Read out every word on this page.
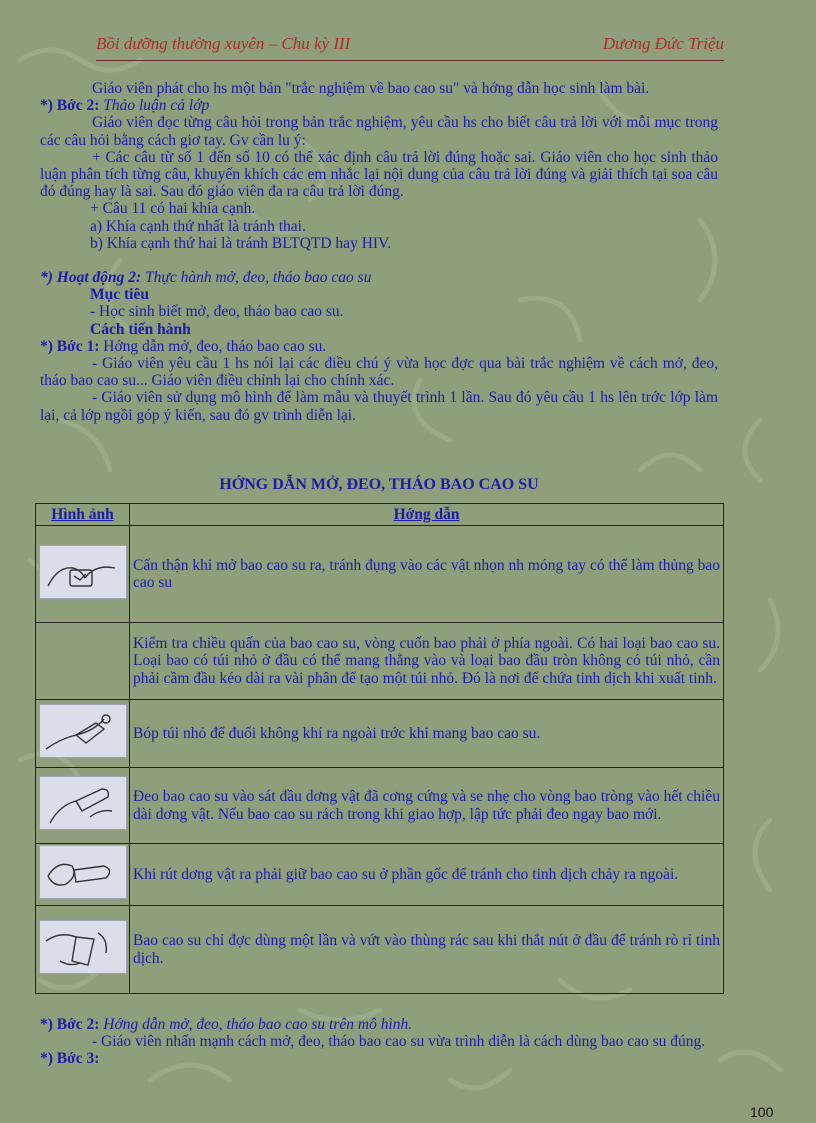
Bồi dưỡng thường xuyên – Chu kỳ III	Dương Đức Triệu

Giáo viên phát cho hs một bản "trắc nghiệm về bao cao su" và hớng dẫn học sinh làm bài.

*) Bớc 2: Thảo luận cả lớp

Giáo viên đọc từng câu hỏi trong bản trắc nghiệm, yêu cầu hs cho biết câu trả lời với mỗi mục trong các câu hỏi bằng cách giơ tay. Gv cần lu ý:

+ Các câu từ số 1 đến số 10 có thể xác định câu trả lời đúng hoặc sai. Giáo viên cho học sinh thảo luận phân tích từng câu, khuyến khích các em nhắc lại nội dung của câu trả lời đúng và giải thích tại soa câu đó đúng hay là sai. Sau đó giáo viên đa ra câu trả lời đúng.

+ Câu 11 có hai khía cạnh.

a) Khía cạnh thứ nhất là tránh thai.

b) Khía cạnh thứ hai là tránh BLTQTD hay HIV.

*) Hoạt động 2: Thực hành mở, đeo, tháo bao cao su

Mục tiêu

- Học sinh biết mở, đeo, tháo bao cao su.

Cách tiến hành

*) Bớc 1: Hớng dẫn mở, đeo, tháo bao cao su.

- Giáo viên yêu cầu 1 hs nói lại các điều chú ý vừa học đợc qua bài trắc nghiệm về cách mở, đeo, tháo bao cao su... Giáo viên điều chỉnh lại cho chính xác.

- Giáo viên sử dụng mô hình để làm mẫu và thuyết trình 1 lần. Sau đó yêu cầu 1 hs lên trớc lớp làm lại, cả lớp ngồi góp ý kiến, sau đó gv trình diễn lại.

HỚNG DẪN MỞ, ĐEO, THÁO BAO CAO SU
Hình ảnh	Hớng dẫn

	Cẩn thận khi mở bao cao su ra, tránh đụng vào các vật nhọn nh móng tay có thể làm thủng bao cao su
	Kiểm tra chiều quấn của bao cao su, vòng cuốn bao phải ở phía ngoài. Có hai loại bao cao su. Loại bao có túi nhỏ ở đầu có thể mang thẳng vào và loại bao đầu tròn không có túi nhỏ, cần phải cầm đầu kéo dài ra vài phân để tạo một túi nhỏ. Đó là nơi để chứa tinh dịch khi xuất tinh.

	Bóp túi nhỏ để đuổi không khí ra ngoài trớc khi mang bao cao su.

	Đeo bao cao su vào sát đầu dơng vật đã cơng cứng và se nhẹ cho vòng bao tròng vào hết chiều dài dơng vật. Nếu bao cao su rách trong khi giao hợp, lập tức phải đeo ngay bao mới.

	Khi rút dơng vật ra phải giữ bao cao su ở phần gốc để tránh cho tinh dịch chảy ra ngoài.

	Bao cao su chỉ đợc dùng một lần và vứt vào thùng rác sau khi thắt nút ở đầu để tránh rò rỉ tinh dịch.

*) Bớc 2: Hớng dẫn mở, đeo, tháo bao cao su trên mô hình.

- Giáo viên nhấn mạnh cách mở, đeo, tháo bao cao su vừa trình diễn là cách dùng bao cao su đúng.

*) Bớc 3:

100
